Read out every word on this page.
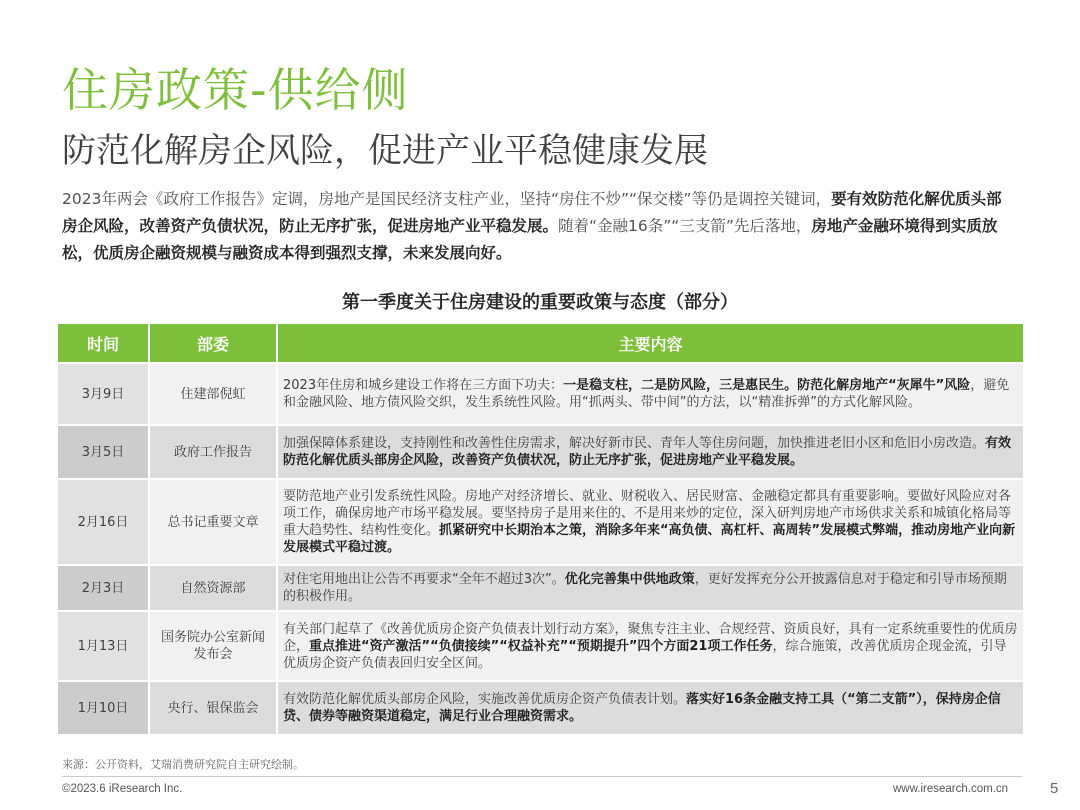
住房政策-供给侧
防范化解房企风险，促进产业平稳健康发展
2023年两会《政府工作报告》定调，房地产是国民经济支柱产业，坚持“房住不炒”“保交楼”等仍是调控关键词，要有效防范化解优质头部房企风险，改善资产负债状况，防止无序扩张，促进房地产业平稳发展。随着“金融16条”“三支箭”先后落地，房地产金融环境得到实质放松，优质房企融资规模与融资成本得到强烈支撑，未来发展向好。
第一季度关于住房建设的重要政策与态度（部分）
时间	部委	主要内容
3月9日	住建部倪虹	2023年住房和城乡建设工作将在三方面下功夫：一是稳支柱，二是防风险，三是惠民生。防范化解房地产“灰犀牛”风险，避免和金融风险、地方债风险交织，发生系统性风险。用“抓两头、带中间”的方法，以“精准拆弹”的方式化解风险。
3月5日	政府工作报告	加强保障体系建设，支持刚性和改善性住房需求，解决好新市民、青年人等住房问题，加快推进老旧小区和危旧小房改造。有效防范化解优质头部房企风险，改善资产负债状况，防止无序扩张，促进房地产业平稳发展。
2月16日	总书记重要文章	要防范地产业引发系统性风险。房地产对经济增长、就业、财税收入、居民财富、金融稳定都具有重要影响。要做好风险应对各项工作，确保房地产市场平稳发展。要坚持房子是用来住的、不是用来炒的定位，深入研判房地产市场供求关系和城镇化格局等重大趋势性、结构性变化。抓紧研究中长期治本之策，消除多年来“高负债、高杠杆、高周转”发展模式弊端，推动房地产业向新发展模式平稳过渡。
2月3日	自然资源部	对住宅用地出让公告不再要求“全年不超过3次”。优化完善集中供地政策，更好发挥充分公开披露信息对于稳定和引导市场预期的积极作用。
1月13日	国务院办公室新闻发布会	有关部门起草了《改善优质房企资产负债表计划行动方案》，聚焦专注主业、合规经营、资质良好，具有一定系统重要性的优质房企，重点推进“资产激活”“负债接续”“权益补充”“预期提升”四个方面21项工作任务，综合施策，改善优质房企现金流，引导优质房企资产负债表回归安全区间。
1月10日	央行、银保监会	有效防范化解优质头部房企风险，实施改善优质房企资产负债表计划。落实好16条金融支持工具（“第二支箭”），保持房企信贷、债券等融资渠道稳定，满足行业合理融资需求。
来源：公开资料，艾瑞消费研究院自主研究绘制。
©2023.6 iResearch Inc.	www.iresearch.com.cn	5
